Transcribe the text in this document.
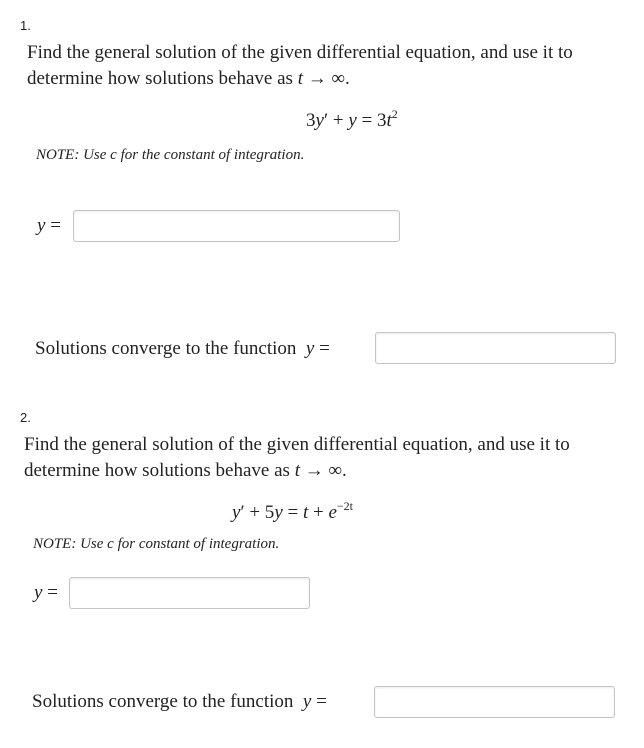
1.
Find the general solution of the given differential equation, and use it to
determine how solutions behave as t → ∞.
$3y' + y = 3t^2$
NOTE: Use c for the constant of integration.
y =
Solutions converge to the function y =
2.
Find the general solution of the given differential equation, and use it to
determine how solutions behave as t → ∞.
$y' + 5y = t + e^{-2t}$
NOTE: Use c for constant of integration.
y =
Solutions converge to the function y =
